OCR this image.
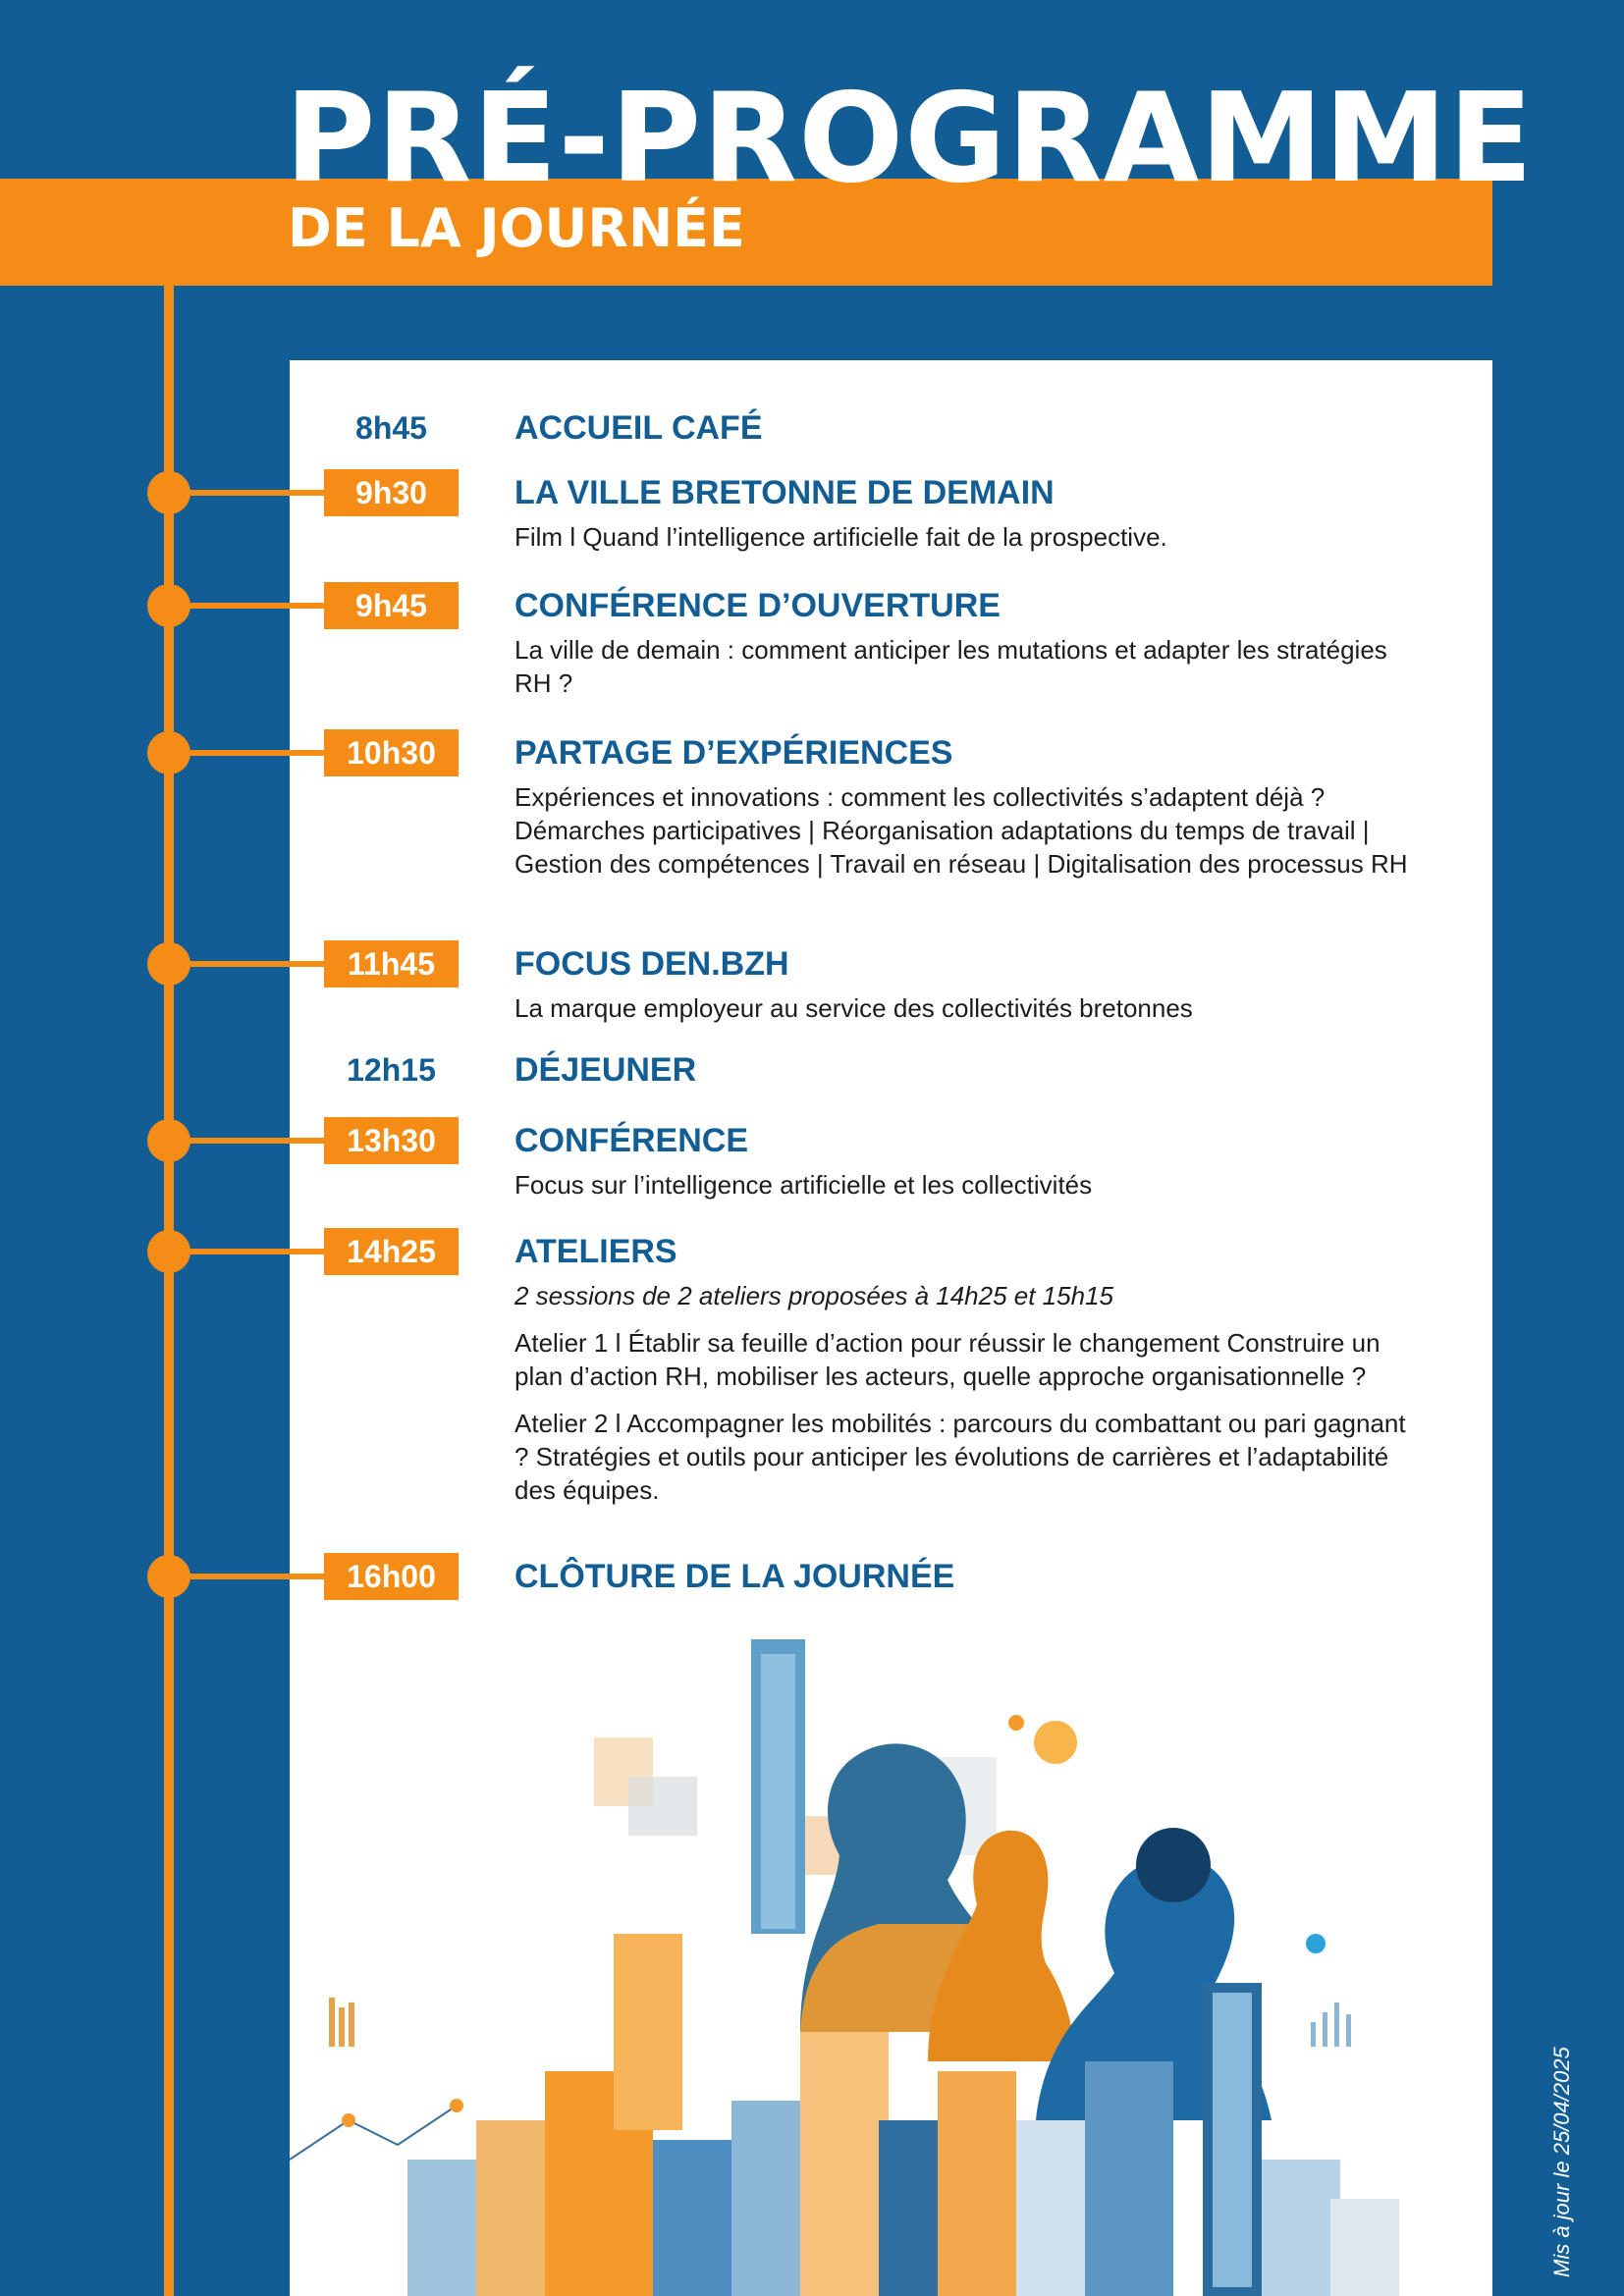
PRÉ-PROGRAMME
DE LA JOURNÉE
8h45	ACCUEIL CAFÉ
9h30	LA VILLE BRETONNE DE DEMAIN
Film l Quand l’intelligence artificielle fait de la prospective.
9h45	CONFÉRENCE D’OUVERTURE
La ville de demain : comment anticiper les mutations et adapter les stratégies RH ?
10h30	PARTAGE D’EXPÉRIENCES
Expériences et innovations : comment les collectivités s’adaptent déjà ? Démarches participatives | Réorganisation adaptations du temps de travail | Gestion des compétences | Travail en réseau | Digitalisation des processus RH
11h45	FOCUS DEN.BZH
La marque employeur au service des collectivités bretonnes
12h15	DÉJEUNER
13h30	CONFÉRENCE
Focus sur l’intelligence artificielle et les collectivités
14h25	ATELIERS

2 sessions de 2 ateliers proposées à 14h25 et 15h15

Atelier 1 l Établir sa feuille d’action pour réussir le changement Construire un plan d’action RH, mobiliser les acteurs, quelle approche organisationnelle ?

Atelier 2 l Accompagner les mobilités : parcours du combattant ou pari gagnant ? Stratégies et outils pour anticiper les évolutions de carrières et l’adaptabilité des équipes.

16h00	CLÔTURE DE LA JOURNÉE
Mis à jour le 25/04/2025
